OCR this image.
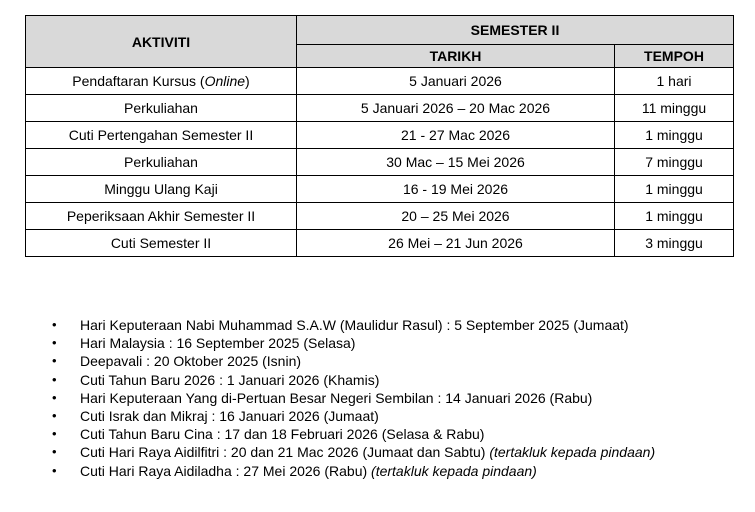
AKTIVITI	SEMESTER II	
	TARIKH	TEMPOH
Pendaftaran Kursus (Online)	5 Januari 2026	1 hari
Perkuliahan	5 Januari 2026 – 20 Mac 2026	11 minggu
Cuti Pertengahan Semester II	21 - 27 Mac 2026	1 minggu
Perkuliahan	30 Mac – 15 Mei 2026	7 minggu
Minggu Ulang Kaji	16 - 19 Mei 2026	1 minggu
Peperiksaan Akhir Semester II	20 – 25 Mei 2026	1 minggu
Cuti Semester II	26 Mei – 21 Jun 2026	3 minggu
• Hari Keputeraan Nabi Muhammad S.A.W (Maulidur Rasul) : 5 September 2025 (Jumaat)
• Hari Malaysia : 16 September 2025 (Selasa)
• Deepavali : 20 Oktober 2025 (Isnin)
• Cuti Tahun Baru 2026 : 1 Januari 2026 (Khamis)
• Hari Keputeraan Yang di-Pertuan Besar Negeri Sembilan : 14 Januari 2026 (Rabu)
• Cuti Israk dan Mikraj : 16 Januari 2026 (Jumaat)
• Cuti Tahun Baru Cina : 17 dan 18 Februari 2026 (Selasa & Rabu)
• Cuti Hari Raya Aidilfitri : 20 dan 21 Mac 2026 (Jumaat dan Sabtu) (tertakluk kepada pindaan)
• Cuti Hari Raya Aidiladha : 27 Mei 2026 (Rabu) (tertakluk kepada pindaan)
